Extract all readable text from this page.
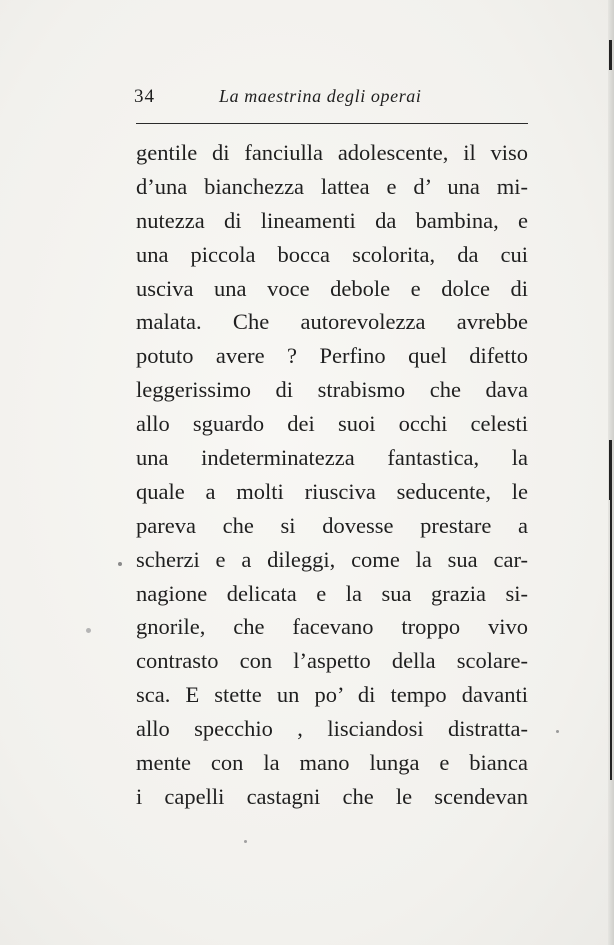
34	La maestrina degli operai
gentile di fanciulla adolescente, il viso
d’una bianchezza lattea e d’ una mi-
nutezza di lineamenti da bambina, e
una piccola bocca scolorita, da cui
usciva una voce debole e dolce di
malata. Che autorevolezza avrebbe
potuto avere ? Perfino quel difetto
leggerissimo di strabismo che dava
allo sguardo dei suoi occhi celesti
una indeterminatezza fantastica, la
quale a molti riusciva seducente, le
pareva che si dovesse prestare a
scherzi e a dileggi, come la sua car-
nagione delicata e la sua grazia si-
gnorile, che facevano troppo vivo
contrasto con l’aspetto della scolare-
sca. E stette un po’ di tempo davanti
allo specchio , lisciandosi distratta-
mente con la mano lunga e bianca
i capelli castagni che le scendevan
